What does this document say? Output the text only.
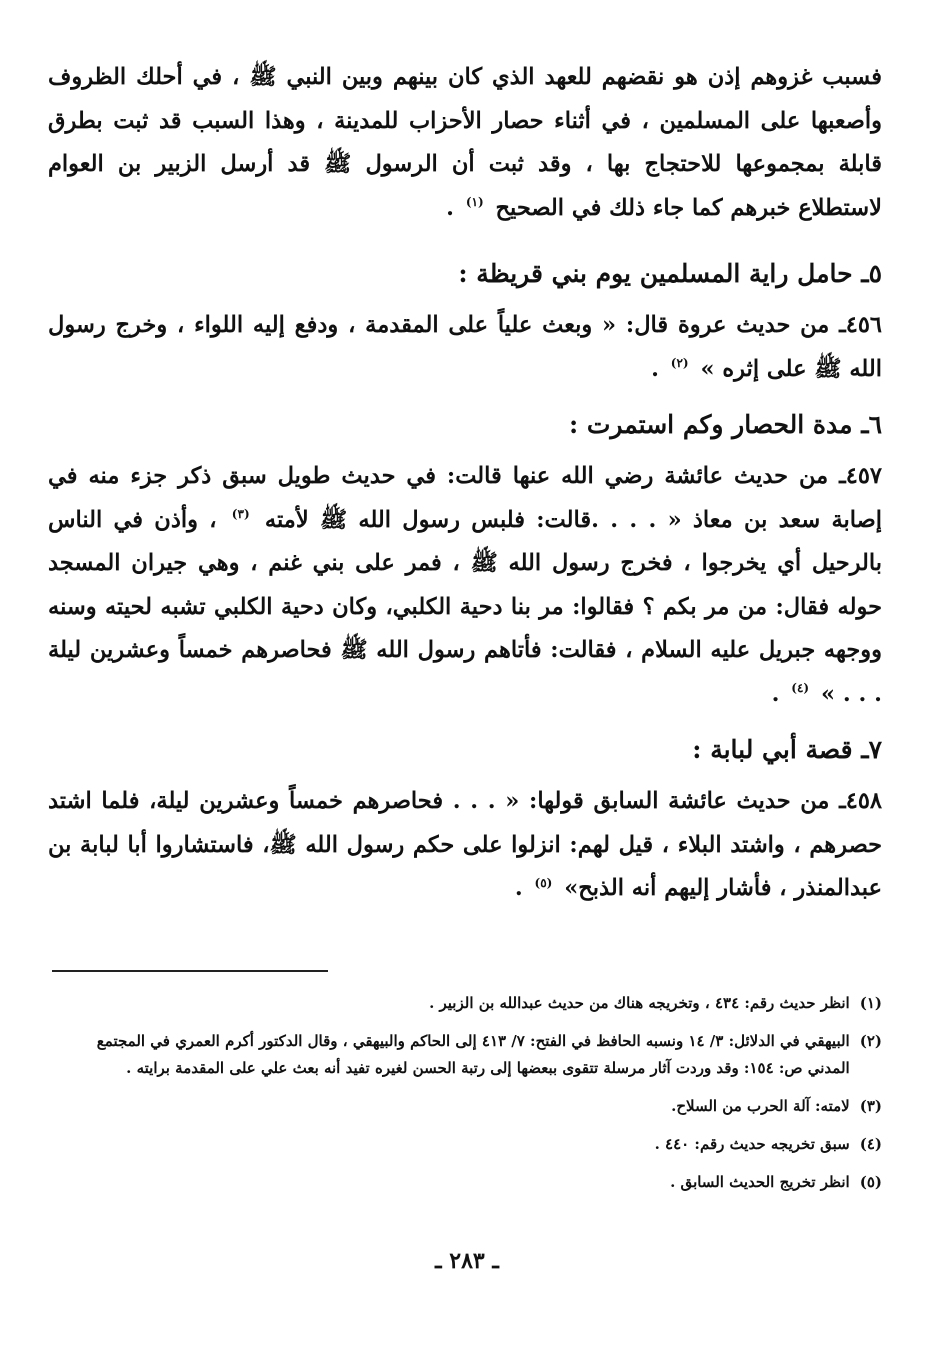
فسبب غزوهم إذن هو نقضهم للعهد الذي كان بينهم وبين النبي ﷺ ، في أحلك الظروف وأصعبها على المسلمين ، في أثناء حصار الأحزاب للمدينة ، وهذا السبب قد ثبت بطرق قابلة بمجموعها للاحتجاج بها ، وقد ثبت أن الرسول ﷺ قد أرسل الزبير بن العوام لاستطلاع خبرهم كما جاء ذلك في الصحيح $^{(١)}$ .

٥ـ حامل راية المسلمين يوم بني قريظة :

٤٥٦ـ من حديث عروة قال: « وبعث علياً على المقدمة ، ودفع إليه اللواء ، وخرج رسول الله ﷺ على إثره » $^{(٢)}$ .

٦ـ مدة الحصار وكم استمرت :

٤٥٧ـ من حديث عائشة رضي الله عنها قالت: في حديث طويل سبق ذكر جزء منه في إصابة سعد بن معاذ « . . . .قالت: فلبس رسول الله ﷺ لأمته $^{(٣)}$ ، وأذن في الناس بالرحيل أي يخرجوا ، فخرج رسول الله ﷺ ، فمر على بني غنم ، وهي جيران المسجد حوله فقال: من مر بكم ؟ فقالوا: مر بنا دحية الكلبي، وكان دحية الكلبي تشبه لحيته وسنه ووجهه جبريل عليه السلام ، فقالت: فأتاهم رسول الله ﷺ فحاصرهم خمساً وعشرين ليلة . . . » $^{(٤)}$ .

٧ـ قصة أبي لبابة :

٤٥٨ـ من حديث عائشة السابق قولها: « . . . فحاصرهم خمساً وعشرين ليلة، فلما اشتد حصرهم ، واشتد البلاء ، قيل لهم: انزلوا على حكم رسول الله ﷺ، فاستشاروا أبا لبابة بن عبدالمنذر ، فأشار إليهم أنه الذبح» $^{(٥)}$ .

(١)
انظر حديث رقم: ٤٣٤ ، وتخريجه هناك من حديث عبدالله بن الزبير .
(٢)
البيهقي في الدلائل: ٣/ ١٤ ونسبه الحافظ في الفتح: ٧/ ٤١٣ إلى الحاكم والبيهقي ، وقال الدكتور أكرم العمري في المجتمع المدني ص: ١٥٤: وقد وردت آثار مرسلة تتقوى ببعضها إلى رتبة الحسن لغيره تفيد أنه بعث علي على المقدمة برايته .
(٣)
لامته: آلة الحرب من السلاح.
(٤)
سبق تخريجه حديث رقم: ٤٤٠ .
(٥)
انظر تخريج الحديث السابق .
ـ ٢٨٣ ـ
